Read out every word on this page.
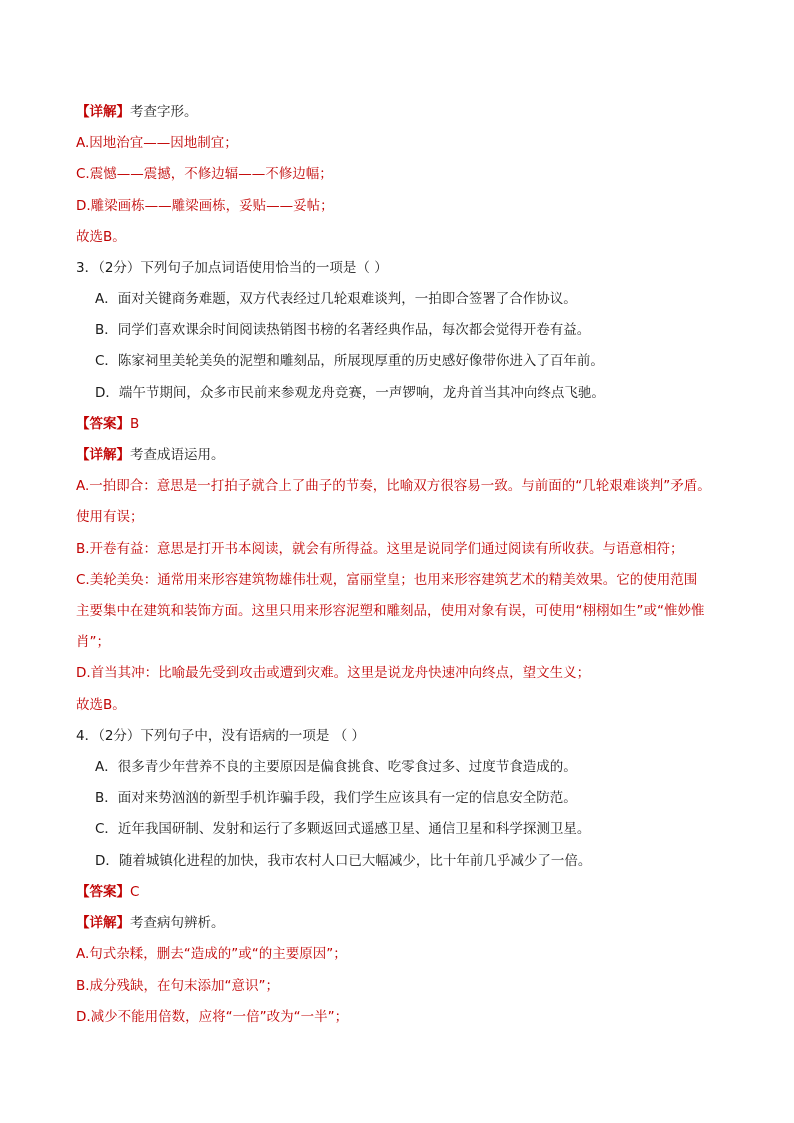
【详解】考查字形。
A.因地治宜——因地制宜；
C.震憾——震撼，不修边辐——不修边幅；
D.雕梁画栋——雕梁画栋，妥贴——妥帖；
故选B。
3．（2分）下列句子加点词语使用恰当的一项是（ ）
A．面对关键商务难题，双方代表经过几轮艰难谈判，一拍即合签署了合作协议。
B．同学们喜欢课余时间阅读热销图书榜的名著经典作品，每次都会觉得开卷有益。
C．陈家祠里美轮美奂的泥塑和雕刻品，所展现厚重的历史感好像带你进入了百年前。
D．端午节期间，众多市民前来参观龙舟竞赛，一声锣响，龙舟首当其冲向终点飞驰。
【答案】B
【详解】考查成语运用。
A.一拍即合：意思是一打拍子就合上了曲子的节奏，比喻双方很容易一致。与前面的“几轮艰难谈判”矛盾。
使用有误；
B.开卷有益：意思是打开书本阅读，就会有所得益。这里是说同学们通过阅读有所收获。与语意相符；
C.美轮美奂：通常用来形容建筑物雄伟壮观，富丽堂皇；也用来形容建筑艺术的精美效果。它的使用范围
主要集中在建筑和装饰方面。这里只用来形容泥塑和雕刻品，使用对象有误，可使用“栩栩如生”或“惟妙惟
肖”；
D.首当其冲：比喻最先受到攻击或遭到灾难。这里是说龙舟快速冲向终点，望文生义；
故选B。
4．（2分）下列句子中，没有语病的一项是 （ ）
A．很多青少年营养不良的主要原因是偏食挑食、吃零食过多、过度节食造成的。
B．面对来势汹汹的新型手机诈骗手段，我们学生应该具有一定的信息安全防范。
C．近年我国研制、发射和运行了多颗返回式遥感卫星、通信卫星和科学探测卫星。
D．随着城镇化进程的加快，我市农村人口已大幅减少，比十年前几乎减少了一倍。
【答案】C
【详解】考查病句辨析。
A.句式杂糅，删去“造成的”或“的主要原因”；
B.成分残缺，在句末添加“意识”；
D.减少不能用倍数，应将“一倍”改为“一半”；
